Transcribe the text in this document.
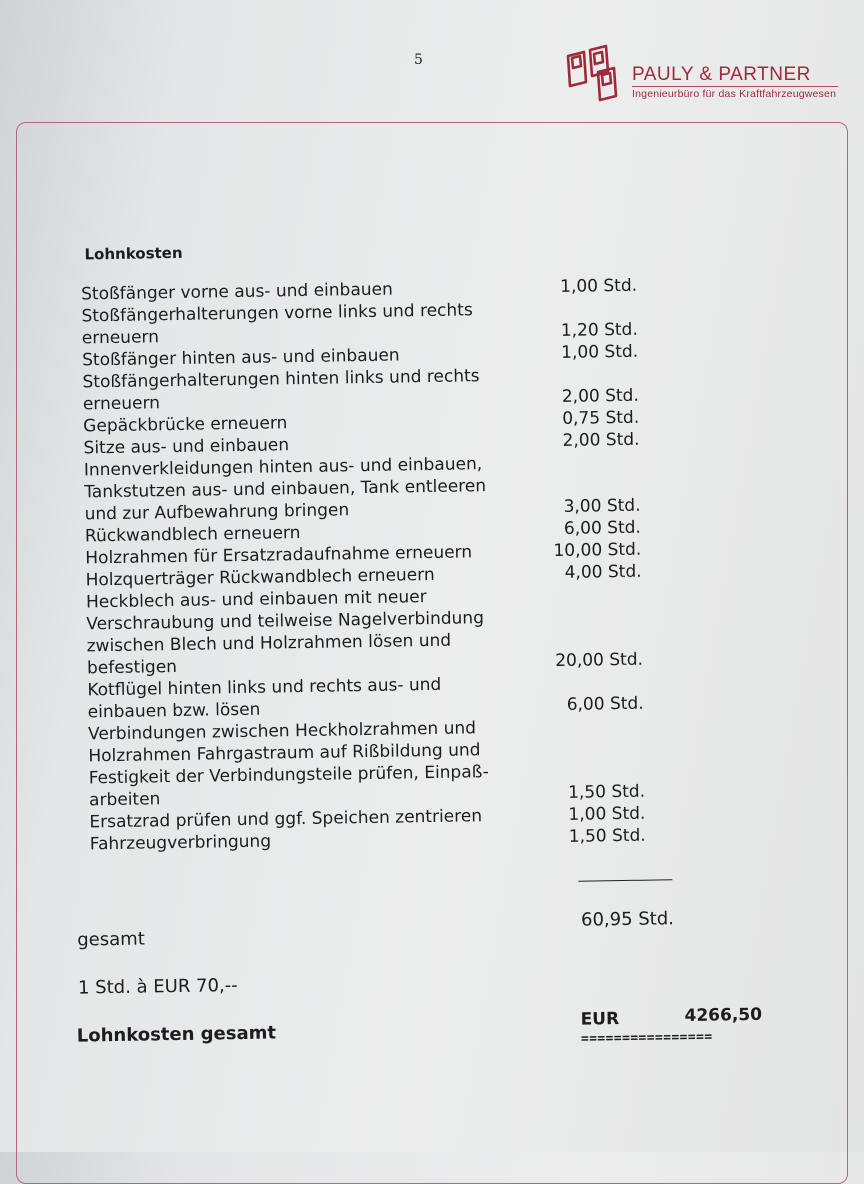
5
PAULY & PARTNER
Ingenieurbüro für das Kraftfahrzeugwesen
Lohnkosten
Stoßfänger vorne aus- und einbauen	1,00 Std.
Stoßfängerhalterungen vorne links und rechts
erneuern	1,20 Std.
Stoßfänger hinten aus- und einbauen	1,00 Std.
Stoßfängerhalterungen hinten links und rechts
erneuern	2,00 Std.
Gepäckbrücke erneuern	0,75 Std.
Sitze aus- und einbauen	2,00 Std.
Innenverkleidungen hinten aus- und einbauen,
Tankstutzen aus- und einbauen, Tank entleeren
und zur Aufbewahrung bringen	3,00 Std.
Rückwandblech erneuern	6,00 Std.
Holzrahmen für Ersatzradaufnahme erneuern	10,00 Std.
Holzquerträger Rückwandblech erneuern	4,00 Std.
Heckblech aus- und einbauen mit neuer
Verschraubung und teilweise Nagelverbindung
zwischen Blech und Holzrahmen lösen und
befestigen	20,00 Std.
Kotflügel hinten links und rechts aus- und
einbauen bzw. lösen	6,00 Std.
Verbindungen zwischen Heckholzrahmen und
Holzrahmen Fahrgastraum auf Rißbildung und
Festigkeit der Verbindungsteile prüfen, Einpaß-
arbeiten	1,50 Std.
Ersatzrad prüfen und ggf. Speichen zentrieren	1,00 Std.
Fahrzeugverbringung	1,50 Std.
gesamt
60,95 Std.
1 Std. à EUR 70,--
Lohnkosten gesamt
EUR	4266,50
================
